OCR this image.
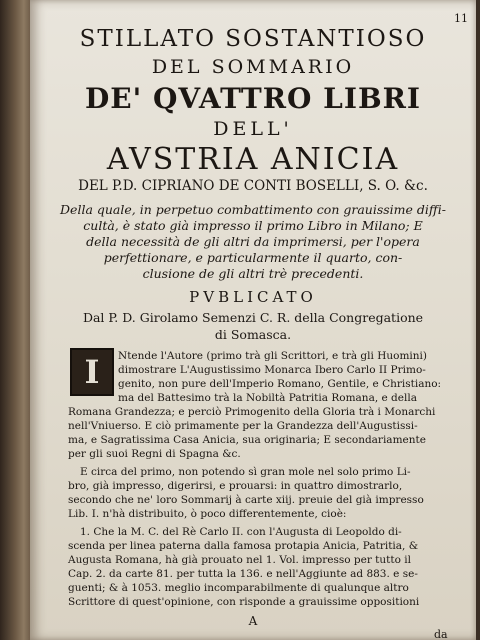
11
STILLATO SOSTANTIOSO
DEL SOMMARIO
DE' QVATTRO LIBRI
DELL'
AVSTRIA ANICIA
DEL P.D. CIPRIANO DE CONTI BOSELLI, S. O. &c.
Della quale, in perpetuo combattimento con grauissime diffi-
cultà, è stato già impresso il primo Libro in Milano; E
della necessità de gli altri da imprimersi, per l'opera
perfettionare, e particularmente il quarto, con-
clusione de gli altri trè precedenti.
PVBLICATO
Dal P. D. Girolamo Semenzi C. R. della Congregatione
di Somasca.
I	Ntende l'Autore (primo trà gli Scrittori, e trà gli Huomini)
dimostrare L'Augustissimo Monarca Ibero Carlo II Primo-
genito, non pure dell'Imperio Romano, Gentile, e Christiano:
ma del Battesimo trà la Nobiltà Patritia Romana, e della
Romana Grandezza; e perciò Primogenito della Gloria trà i Monarchi
nell'Vniuerso. E ciò primamente per la Grandezza dell'Augustissi-
ma, e Sagratissima Casa Anicia, sua originaria; E secondariamente
per gli suoi Regni di Spagna &c.
E circa del primo, non potendo sì gran mole nel solo primo Li-
bro, già impresso, digerirsi, e prouarsi: in quattro dimostrarlo,
secondo che ne' loro Sommarij à carte xiij. preuie del già impresso
Lib. I. n'hà distribuito, ò poco differentemente, cioè:
1. Che la M. C. del Rè Carlo II. con l'Augusta di Leopoldo di-
scenda per linea paterna dalla famosa protapia Anicia, Patritia, &
Augusta Romana, hà già prouato nel 1. Vol. impresso per tutto il
Cap. 2. da carte 81. per tutta la 136. e nell'Aggiunte ad 883. e se-
guenti; & à 1053. meglio incomparabilmente di qualunque altro
Scrittore di quest'opinione, con risponde a grauissime oppositioni
A
da
